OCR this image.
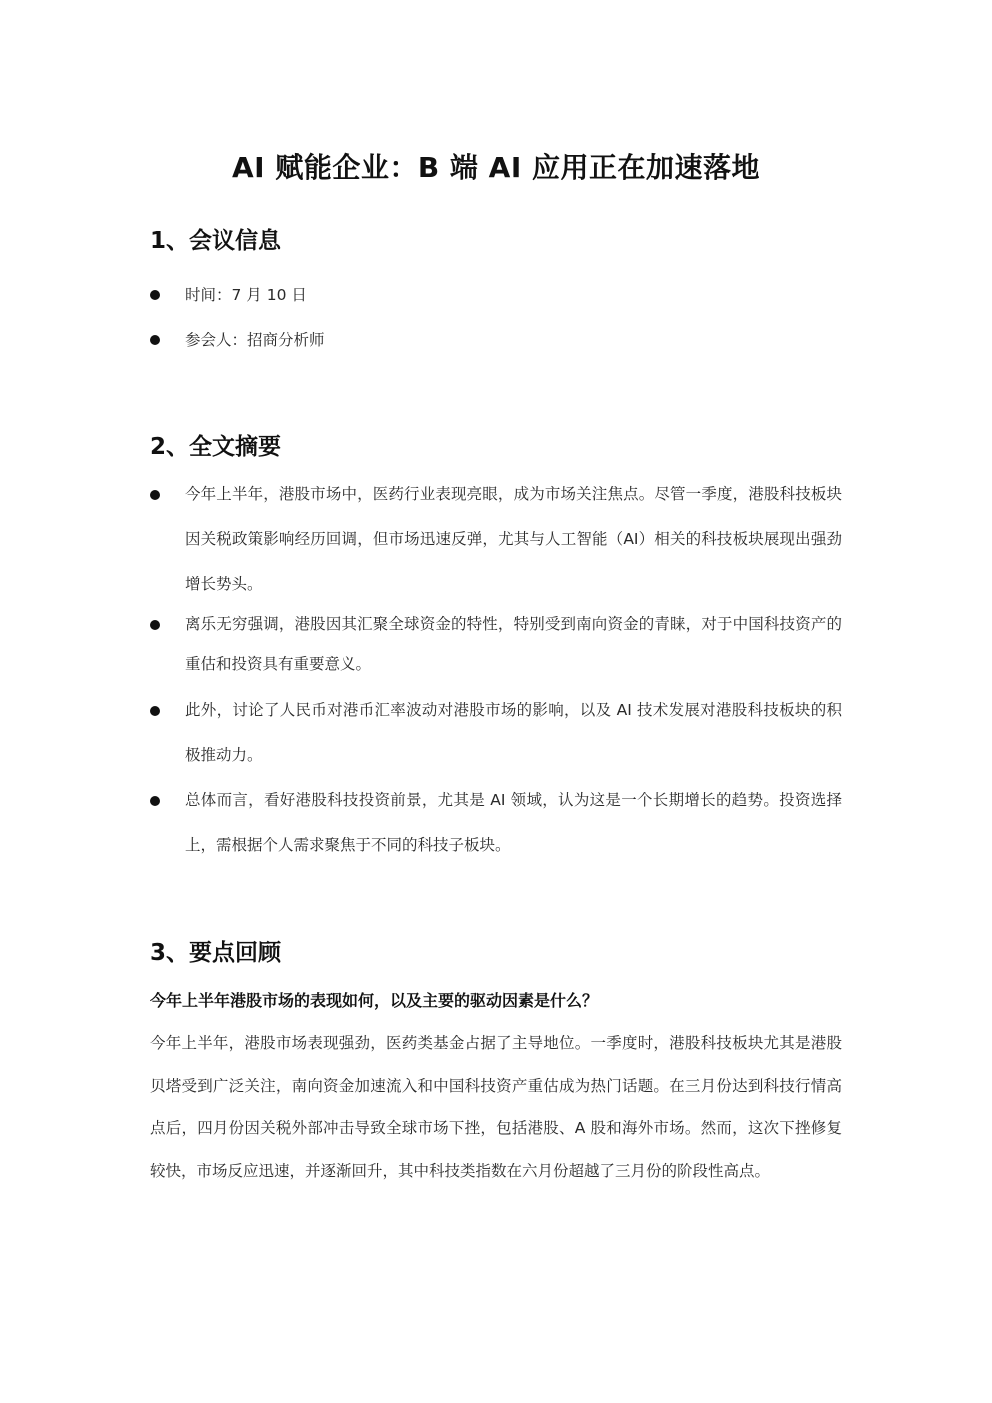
AI 赋能企业：B 端 AI 应用正在加速落地
1、会议信息
时间：7 月 10 日
参会人：招商分析师
2、全文摘要
今年上半年，港股市场中，医药行业表现亮眼，成为市场关注焦点。尽管一季度，港股科技板块因关税政策影响经历回调，但市场迅速反弹，尤其与人工智能（AI）相关的科技板块展现出强劲增长势头。
离乐无穷强调，港股因其汇聚全球资金的特性，特别受到南向资金的青睐，对于中国科技资产的重估和投资具有重要意义。
此外，讨论了人民币对港币汇率波动对港股市场的影响，以及 AI 技术发展对港股科技板块的积极推动力。
总体而言，看好港股科技投资前景，尤其是 AI 领域，认为这是一个长期增长的趋势。投资选择上，需根据个人需求聚焦于不同的科技子板块。
3、要点回顾
今年上半年港股市场的表现如何，以及主要的驱动因素是什么？
今年上半年，港股市场表现强劲，医药类基金占据了主导地位。一季度时，港股科技板块尤其是港股贝塔受到广泛关注，南向资金加速流入和中国科技资产重估成为热门话题。在三月份达到科技行情高点后，四月份因关税外部冲击导致全球市场下挫，包括港股、A 股和海外市场。然而，这次下挫修复较快，市场反应迅速，并逐渐回升，其中科技类指数在六月份超越了三月份的阶段性高点。
